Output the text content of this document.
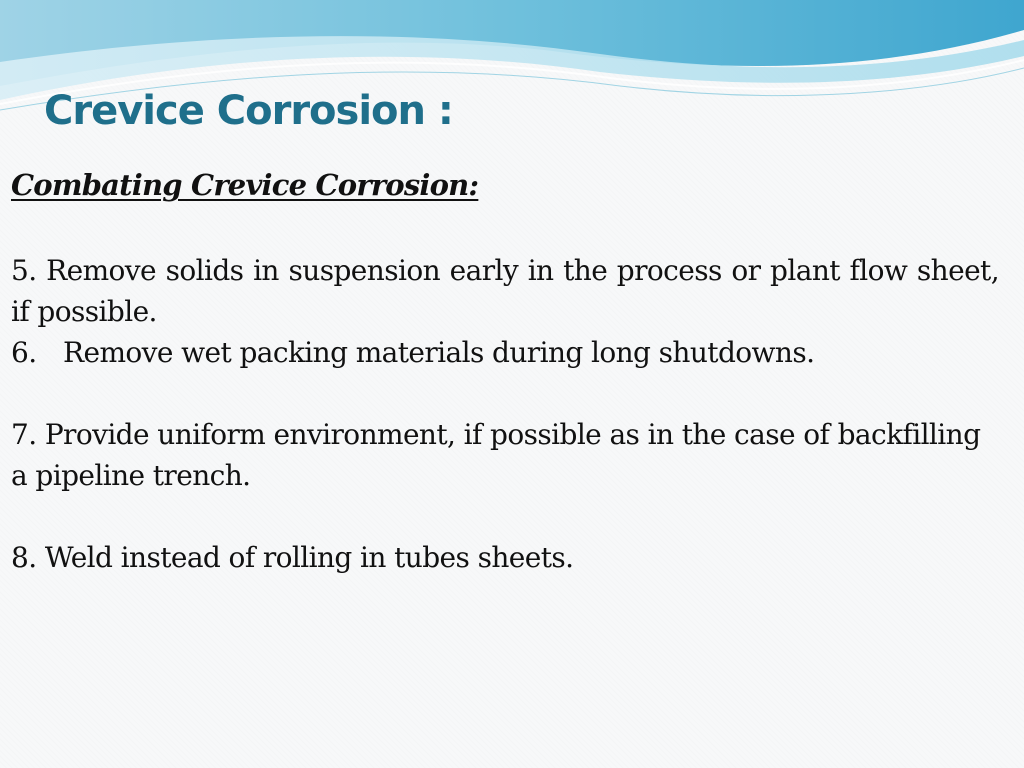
Crevice Corrosion :
Combating Crevice Corrosion:

5. Remove solids in suspension early in the process or plant flow sheet, if possible.

6. Remove wet packing materials during long shutdowns.

7. Provide uniform environment, if possible as in the case of backfilling a pipeline trench.

8. Weld instead of rolling in tubes sheets.
